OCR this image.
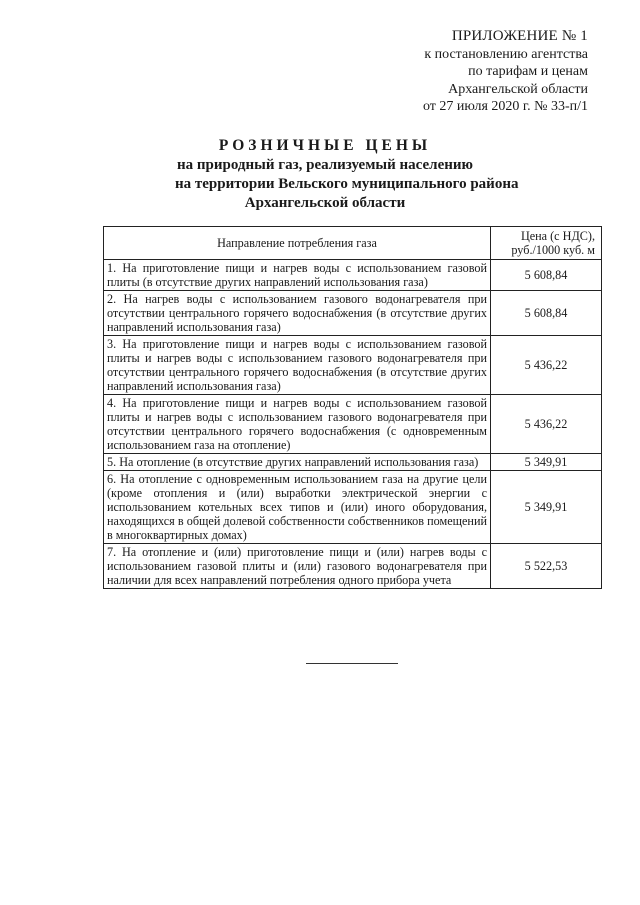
ПРИЛОЖЕНИЕ № 1
к постановлению агентства
по тарифам и ценам
Архангельской области
от 27 июля 2020 г. № 33-п/1
РОЗНИЧНЫЕ ЦЕНЫ
на природный газ, реализуемый населению
на территории Вельского муниципального района
Архангельской области
Направление потребления газа	Цена (с НДС), руб./1000 куб. м
1. На приготовление пищи и нагрев воды с использованием газовой плиты (в отсутствие других направлений использования газа)	5 608,84
2. На нагрев воды с использованием газового водонагревателя при отсутствии центрального горячего водоснабжения (в отсутствие других направлений использования газа)	5 608,84
3. На приготовление пищи и нагрев воды с использованием газовой плиты и нагрев воды с использованием газового водонагревателя при отсутствии центрального горячего водоснабжения (в отсутствие других направлений использования газа)	5 436,22
4. На приготовление пищи и нагрев воды с использованием газовой плиты и нагрев воды с использованием газового водонагревателя при отсутствии центрального горячего водоснабжения (с одновременным использованием газа на отопление)	5 436,22
5. На отопление (в отсутствие других направлений использования газа)	5 349,91
6. На отопление с одновременным использованием газа на другие цели (кроме отопления и (или) выработки электрической энергии с использованием котельных всех типов и (или) иного оборудования, находящихся в общей долевой собственности собственников помещений в многоквартирных домах)	5 349,91
7. На отопление и (или) приготовление пищи и (или) нагрев воды с использованием газовой плиты и (или) газового водонагревателя при наличии для всех направлений потребления одного прибора учета	5 522,53
